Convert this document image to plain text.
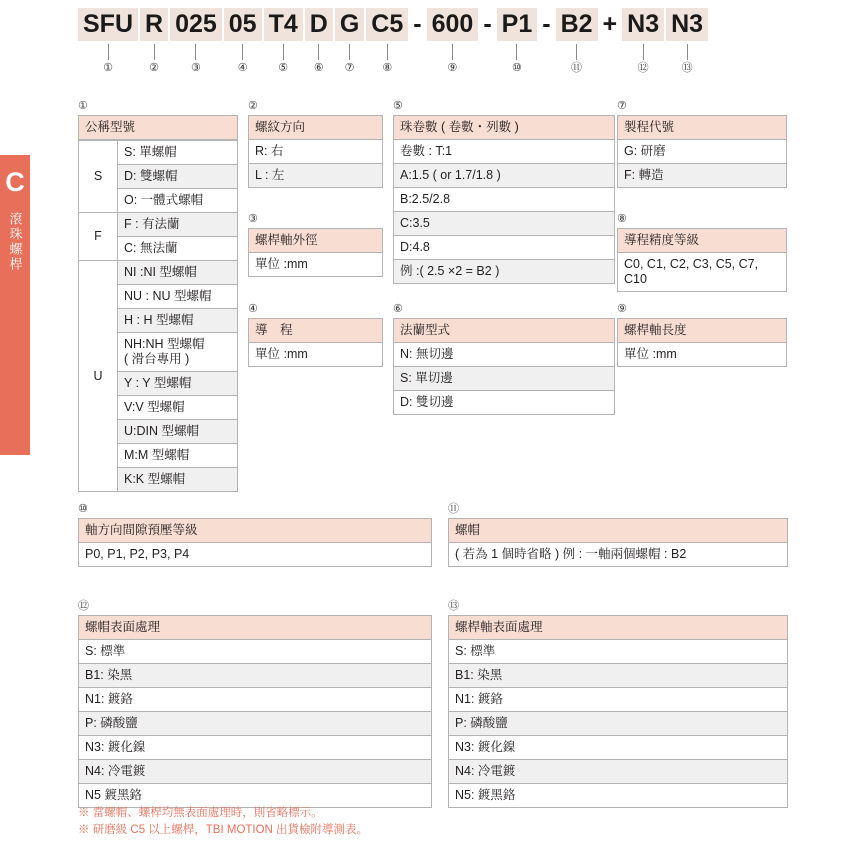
C
滾珠螺桿
SFU
①
R
②
025
③
05
④
T4
⑤
D
⑥
G
⑦
C5
⑧
- 600
⑨
- P1
⑩
- B2
⑪
+ N3
⑫
N3
⑬
①
公稱型號
S	S: 單螺帽
	D: 雙螺帽
	O: 一體式螺帽
F	F : 有法蘭
	C: 無法蘭
U	NI :NI 型螺帽
	NU : NU 型螺帽
	H : H 型螺帽
	NH:NH 型螺帽
( 滑台專用 )
	Y : Y 型螺帽
	V:V 型螺帽
	U:DIN 型螺帽
	M:M 型螺帽
	K:K 型螺帽
②
螺紋方向
R: 右
L : 左
③
螺桿軸外徑
單位 :mm
④
導　程
單位 :mm
⑤
珠卷數 ( 卷數・列數 )
卷數 : T:1
A:1.5 ( or 1.7/1.8 )
B:2.5/2.8
C:3.5
D:4.8
例 :( 2.5 ×2 = B2 )
⑥
法蘭型式
N: 無切邊
S: 單切邊
D: 雙切邊
⑦
製程代號
G: 研磨
F: 轉造
⑧
導程精度等級
C0, C1, C2, C3, C5, C7, C10
⑨
螺桿軸長度
單位 :mm
⑩
軸方向間隙預壓等級
P0, P1, P2, P3, P4
⑪
螺帽
( 若為 1 個時省略 ) 例 : 一軸兩個螺帽 : B2
⑫
螺帽表面處理
S: 標準
B1: 染黑
N1: 鍍鉻
P: 磷酸鹽
N3: 鍍化鎳
N4: 冷電鍍
N5 鍍黑鉻
⑬
螺桿軸表面處理
S: 標準
B1: 染黑
N1: 鍍鉻
P: 磷酸鹽
N3: 鍍化鎳
N4: 冷電鍍
N5: 鍍黑鉻
※ 當螺帽、螺桿均無表面處理時，則省略標示。
※ 研磨級 C5 以上螺桿，TBI MOTION 出貨檢附導測表。
